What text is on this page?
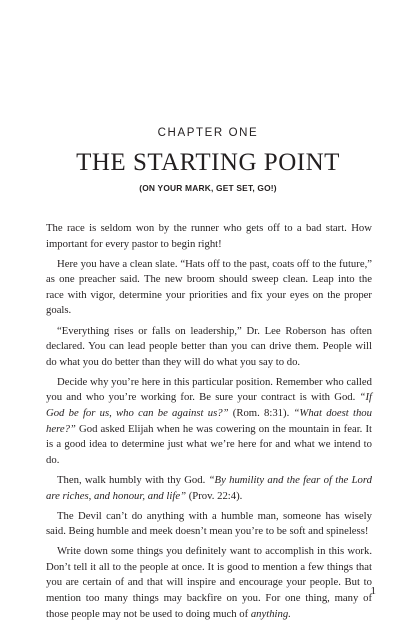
CHAPTER ONE
THE STARTING POINT
(ON YOUR MARK, GET SET, GO!)

The race is seldom won by the runner who gets off to a bad start. How important for every pastor to begin right!

Here you have a clean slate. “Hats off to the past, coats off to the future,” as one preacher said. The new broom should sweep clean. Leap into the race with vigor, determine your priorities and fix your eyes on the proper goals.

“Everything rises or falls on leadership,” Dr. Lee Roberson has often declared. You can lead people better than you can drive them. People will do what you do better than they will do what you say to do.

Decide why you’re here in this particular position. Remember who called you and who you’re working for. Be sure your contract is with God. “If God be for us, who can be against us?” (Rom. 8:31). “What doest thou here?” God asked Elijah when he was cowering on the mountain in fear. It is a good idea to determine just what we’re here for and what we intend to do.

Then, walk humbly with thy God. “By humility and the fear of the Lord are riches, and honour, and life” (Prov. 22:4).

The Devil can’t do anything with a humble man, someone has wisely said. Being humble and meek doesn’t mean you’re to be soft and spineless!

Write down some things you definitely want to accomplish in this work. Don’t tell it all to the people at once. It is good to mention a few things that you are certain of and that will inspire and encourage your people. But to mention too many things may backfire on you. For one thing, many of those people may not be used to doing much of anything.

1
